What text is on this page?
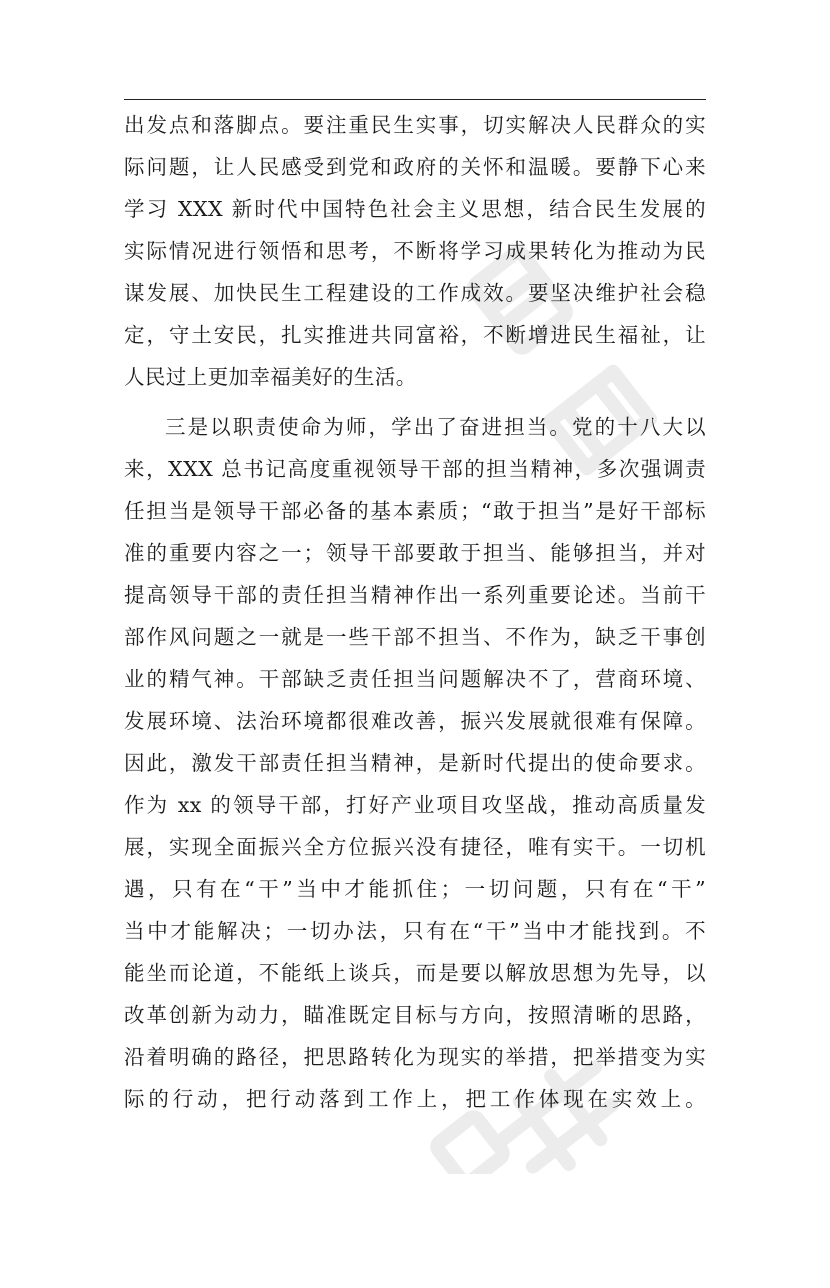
出发点和落脚点。要注重民生实事，切实解决人民群众的实
际问题，让人民感受到党和政府的关怀和温暖。要静下心来
学习 XXX 新时代中国特色社会主义思想，结合民生发展的
实际情况进行领悟和思考，不断将学习成果转化为推动为民
谋发展、加快民生工程建设的工作成效。要坚决维护社会稳
定，守土安民，扎实推进共同富裕，不断增进民生福祉，让
人民过上更加幸福美好的生活。
三是以职责使命为师，学出了奋进担当。党的十八大以
来，XXX 总书记高度重视领导干部的担当精神，多次强调责
任担当是领导干部必备的基本素质；“敢于担当”是好干部标
准的重要内容之一；领导干部要敢于担当、能够担当，并对
提高领导干部的责任担当精神作出一系列重要论述。当前干
部作风问题之一就是一些干部不担当、不作为，缺乏干事创
业的精气神。干部缺乏责任担当问题解决不了，营商环境、
发展环境、法治环境都很难改善，振兴发展就很难有保障。
因此，激发干部责任担当精神，是新时代提出的使命要求。
作为 xx 的领导干部，打好产业项目攻坚战，推动高质量发
展，实现全面振兴全方位振兴没有捷径，唯有实干。一切机
遇，只有在“干”当中才能抓住；一切问题，只有在“干”
当中才能解决；一切办法，只有在“干”当中才能找到。不
能坐而论道，不能纸上谈兵，而是要以解放思想为先导，以
改革创新为动力，瞄准既定目标与方向，按照清晰的思路，
沿着明确的路径，把思路转化为现实的举措，把举措变为实
际的行动，把行动落到工作上，把工作体现在实效上。
